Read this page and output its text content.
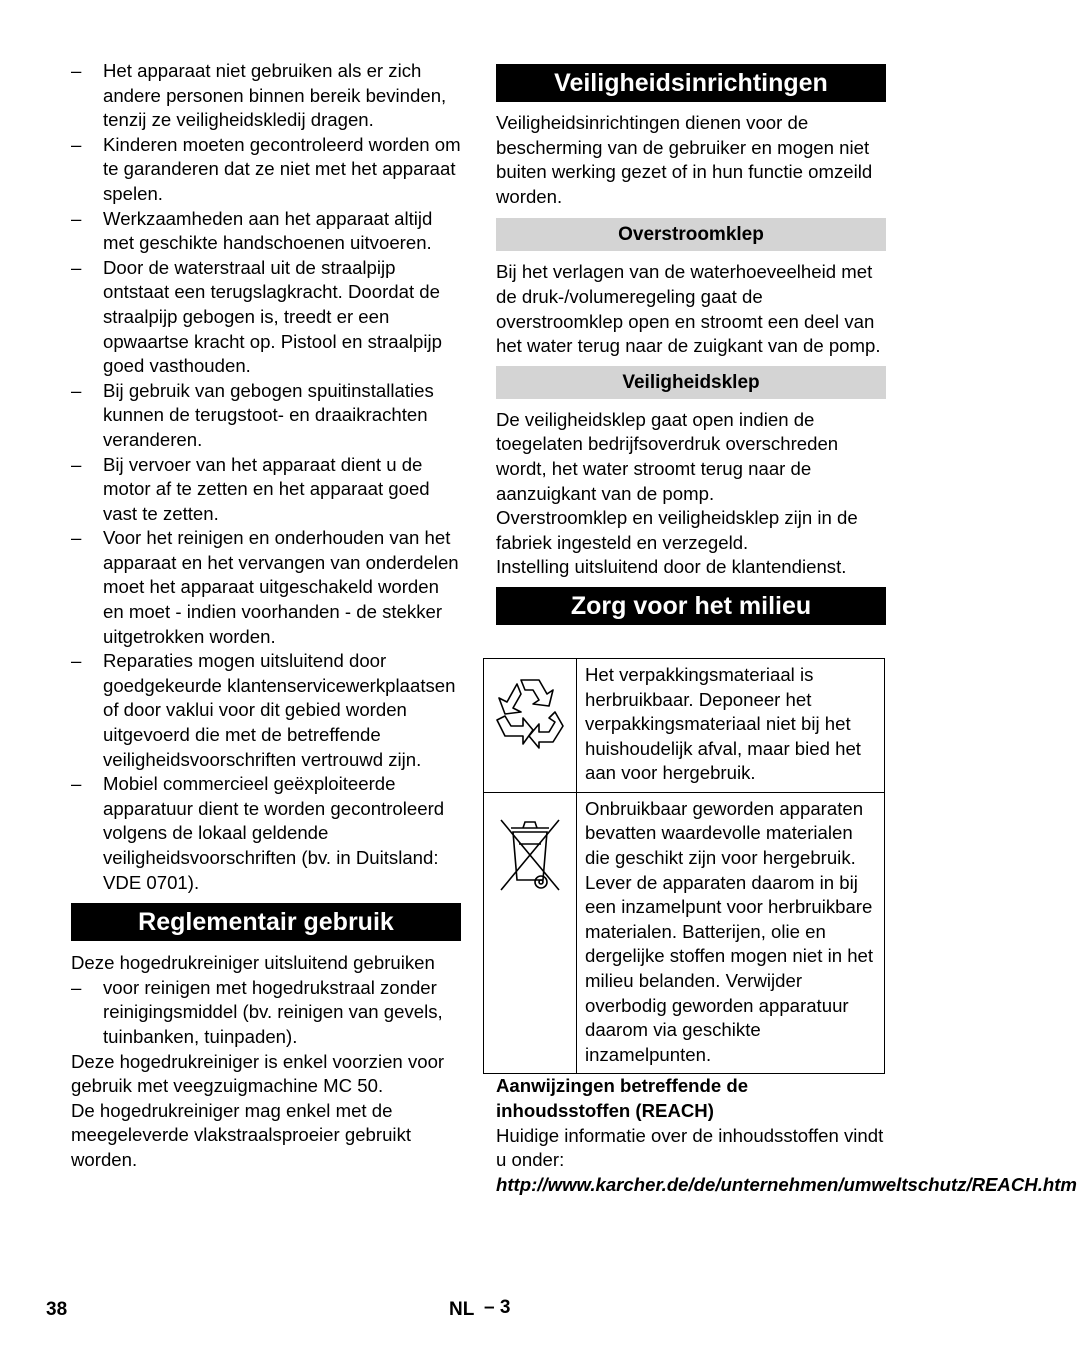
– Het apparaat niet gebruiken als er zich andere personen binnen bereik bevinden, tenzij ze veiligheidskledij dragen.
– Kinderen moeten gecontroleerd worden om te garanderen dat ze niet met het apparaat spelen.
– Werkzaamheden aan het apparaat altijd met geschikte handschoenen uitvoeren.
– Door de waterstraal uit de straalpijp ontstaat een terugslagkracht. Doordat de straalpijp gebogen is, treedt er een opwaartse kracht op. Pistool en straalpijp goed vasthouden.
– Bij gebruik van gebogen spuitinstallaties kunnen de terugstoot- en draaikrachten veranderen.
– Bij vervoer van het apparaat dient u de motor af te zetten en het apparaat goed vast te zetten.
– Voor het reinigen en onderhouden van het apparaat en het vervangen van onderdelen moet het apparaat uitgeschakeld worden en moet - indien voorhanden - de stekker uitgetrokken worden.
– Reparaties mogen uitsluitend door goedgekeurde klantenservicewerkplaatsen of door vaklui voor dit gebied worden uitgevoerd die met de betreffende veiligheidsvoorschriften vertrouwd zijn.
– Mobiel commercieel geëxploiteerde apparatuur dient te worden gecontroleerd volgens de lokaal geldende veiligheidsvoorschriften (bv. in Duitsland: VDE 0701).
Reglementair gebruik

Deze hogedrukreiniger uitsluitend gebruiken

– voor reinigen met hogedrukstraal zonder reinigingsmiddel (bv. reinigen van gevels, tuinbanken, tuinpaden).

Deze hogedrukreiniger is enkel voorzien voor gebruik met veegzuigmachine MC 50.

De hogedrukreiniger mag enkel met de meegeleverde vlakstraalsproeier gebruikt worden.

Veiligheidsinrichtingen

Veiligheidsinrichtingen dienen voor de bescherming van de gebruiker en mogen niet buiten werking gezet of in hun functie omzeild worden.

Overstroomklep

Bij het verlagen van de waterhoeveelheid met de druk-/volumeregeling gaat de overstroomklep open en stroomt een deel van het water terug naar de zuigkant van de pomp.

Veiligheidsklep

De veiligheidsklep gaat open indien de toegelaten bedrijfsoverdruk overschreden wordt, het water stroomt terug naar de aanzuigkant van de pomp.

Overstroomklep en veiligheidsklep zijn in de fabriek ingesteld en verzegeld.

Instelling uitsluitend door de klantendienst.

Zorg voor het milieu
	Het verpakkingsmateriaal is herbruikbaar. Deponeer het verpakkingsmateriaal niet bij het huishoudelijk afval, maar bied het aan voor hergebruik.
	Onbruikbaar geworden apparaten bevatten waardevolle materialen die geschikt zijn voor hergebruik. Lever de apparaten daarom in bij een inzamelpunt voor herbruikbare materialen. Batterijen, olie en dergelijke stoffen mogen niet in het milieu belanden. Verwijder overbodig geworden apparatuur daarom via geschikte inzamelpunten.

Aanwijzingen betreffende de inhoudsstoffen (REACH)

Huidige informatie over de inhoudsstoffen vindt u onder:

http://www.karcher.de/de/unternehmen/umweltschutz/REACH.htm

38	NL – 3
